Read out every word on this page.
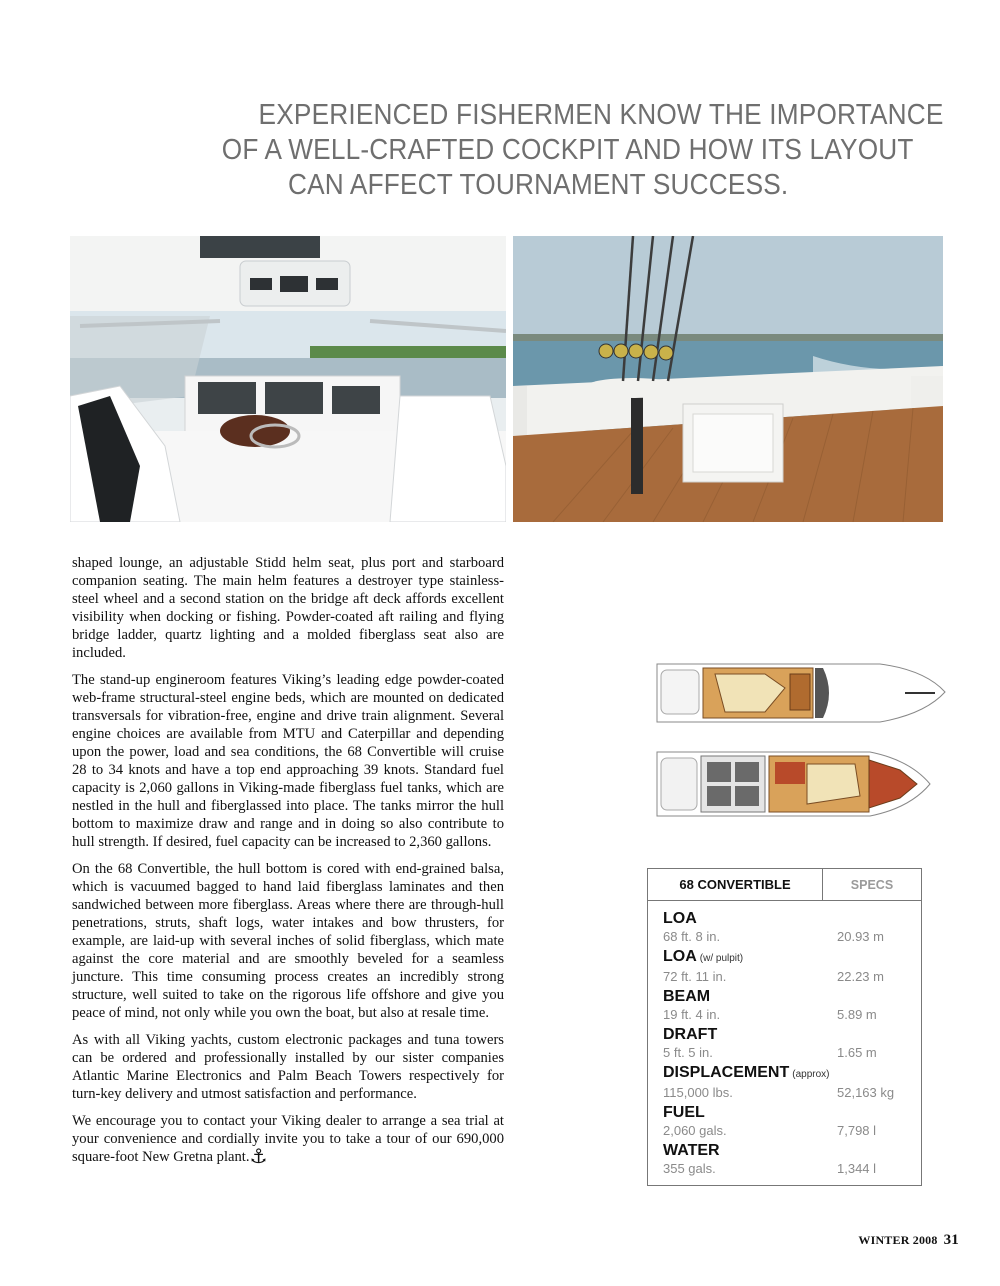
EXPERIENCED FISHERMEN KNOW THE IMPORTANCE
OF A WELL-CRAFTED COCKPIT AND HOW ITS LAYOUT
CAN AFFECT TOURNAMENT SUCCESS.

shaped lounge, an adjustable Stidd helm seat, plus port and starboard companion seating. The main helm features a destroyer type stainless-steel wheel and a second station on the bridge aft deck affords excellent visibility when docking or fishing. Powder-coated aft railing and flying bridge ladder, quartz lighting and a molded fiberglass seat also are included.

The stand-up engineroom features Viking’s leading edge powder-coated web-frame structural-steel engine beds, which are mounted on dedicated transversals for vibration-free, engine and drive train alignment. Several engine choices are available from MTU and Caterpillar and depending upon the power, load and sea conditions, the 68 Convertible will cruise 28 to 34 knots and have a top end approaching 39 knots. Standard fuel capacity is 2,060 gallons in Viking-made fiberglass fuel tanks, which are nestled in the hull and fiberglassed into place. The tanks mirror the hull bottom to maximize draw and range and in doing so also contribute to hull strength. If desired, fuel capacity can be increased to 2,360 gallons.

On the 68 Convertible, the hull bottom is cored with end-grained balsa, which is vacuumed bagged to hand laid fiberglass laminates and then sandwiched between more fiberglass. Areas where there are through-hull penetrations, struts, shaft logs, water intakes and bow thrusters, for example, are laid-up with several inches of solid fiberglass, which mate against the core material and are smoothly beveled for a seamless juncture. This time consuming process creates an incredibly strong structure, well suited to take on the rigorous life offshore and give you peace of mind, not only while you own the boat, but also at resale time.

As with all Viking yachts, custom electronic packages and tuna towers can be ordered and professionally installed by our sister companies Atlantic Marine Electronics and Palm Beach Towers respectively for turn-key delivery and utmost satisfaction and performance.

We encourage you to contact your Viking dealer to arrange a sea trial at your convenience and cordially invite you to take a tour of our 690,000 square-foot New Gretna plant.⚓

68 CONVERTIBLE	SPECS
LOA
68 ft. 8 in.	20.93 m
LOA (w/ pulpit)
72 ft. 11 in.	22.23 m
BEAM
19 ft. 4 in.	5.89 m
DRAFT
5 ft. 5 in.	1.65 m
DISPLACEMENT (approx)
115,000 lbs.	52,163 kg
FUEL
2,060 gals.	7,798 l
WATER
355 gals.	1,344 l
WINTER 2008 31
